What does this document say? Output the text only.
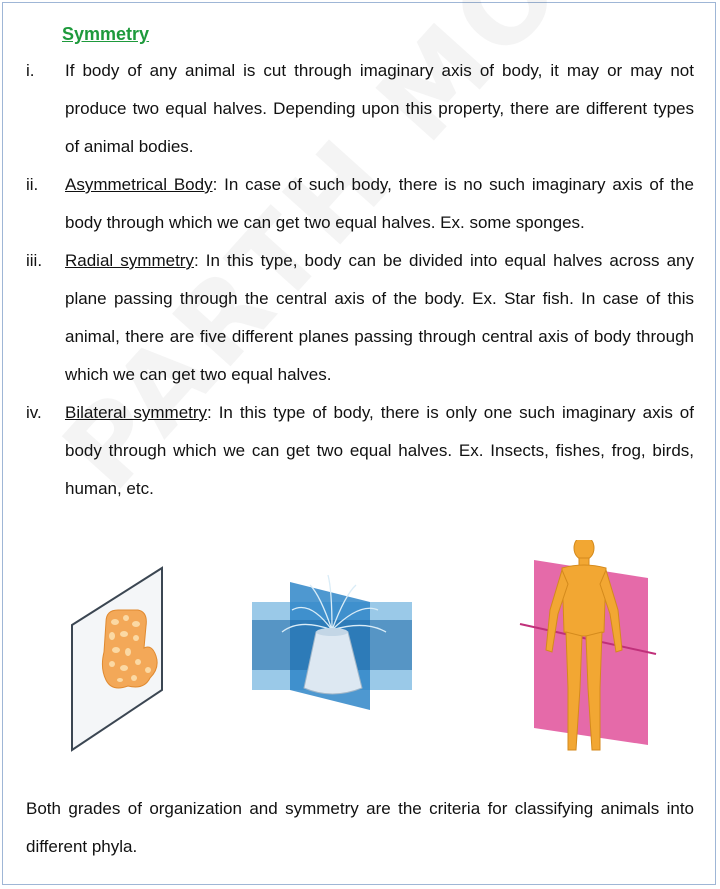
Symmetry
i. If body of any animal is cut through imaginary axis of body, it may or may not produce two equal halves. Depending upon this property, there are different types of animal bodies.

ii. Asymmetrical Body: In case of such body, there is no such imaginary axis of the body through which we can get two equal halves. Ex. some sponges.

iii. Radial symmetry: In this type, body can be divided into equal halves across any plane passing through the central axis of the body. Ex. Star fish. In case of this animal, there are five different planes passing through central axis of body through which we can get two equal halves.

iv. Bilateral symmetry: In this type of body, there is only one such imaginary axis of body through which we can get two equal halves. Ex. Insects, fishes, frog, birds, human, etc.

Both grades of organization and symmetry are the criteria for classifying animals into different phyla.
